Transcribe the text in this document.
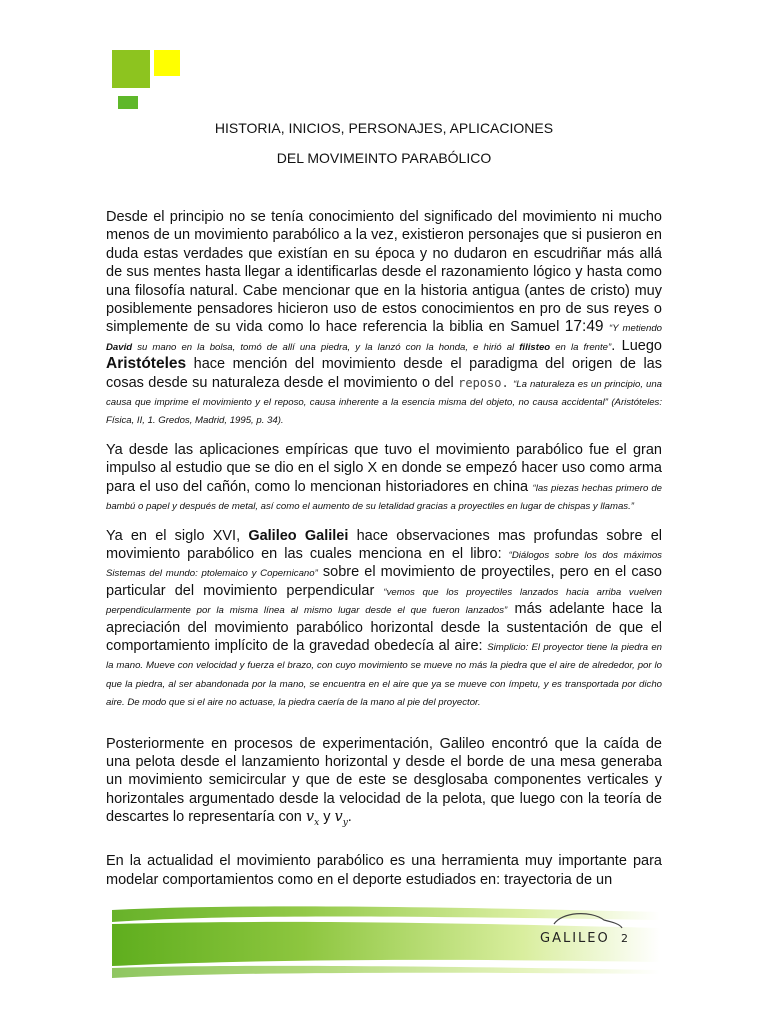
HISTORIA, INICIOS, PERSONAJES, APLICACIONES
DEL MOVIMEINTO PARABÓLICO

Desde el principio no se tenía conocimiento del significado del movimiento ni mucho menos de un movimiento parabólico a la vez, existieron personajes que si pusieron en duda estas verdades que existían en su época y no dudaron en escudriñar más allá de sus mentes hasta llegar a identificarlas desde el razonamiento lógico y hasta como una filosofía natural. Cabe mencionar que en la historia antigua (antes de cristo) muy posiblemente pensadores hicieron uso de estos conocimientos en pro de sus reyes o simplemente de su vida como lo hace referencia la biblia en Samuel 17:49 “Y metiendo David su mano en la bolsa, tomó de allí una piedra, y la lanzó con la honda, e hirió al filisteo en la frente”. Luego Aristóteles hace mención del movimiento desde el paradigma del origen de las cosas desde su naturaleza desde el movimiento o del reposo. “La naturaleza es un principio, una causa que imprime el movimiento y el reposo, causa inherente a la esencia misma del objeto, no causa accidental” (Aristóteles: Física, II, 1. Gredos, Madrid, 1995, p. 34).

Ya desde las aplicaciones empíricas que tuvo el movimiento parabólico fue el gran impulso al estudio que se dio en el siglo X en donde se empezó hacer uso como arma para el uso del cañón, como lo mencionan historiadores en china “las piezas hechas primero de bambú o papel y después de metal, así como el aumento de su letalidad gracias a proyectiles en lugar de chispas y llamas.”

Ya en el siglo XVI, Galileo Galilei hace observaciones mas profundas sobre el movimiento parabólico en las cuales menciona en el libro: “Diálogos sobre los dos máximos Sistemas del mundo: ptolemaico y Copernicano” sobre el movimiento de proyectiles, pero en el caso particular del movimiento perpendicular “vemos que los proyectiles lanzados hacia arriba vuelven perpendicularmente por la misma línea al mismo lugar desde el que fueron lanzados” más adelante hace la apreciación del movimiento parabólico horizontal desde la sustentación de que el comportamiento implícito de la gravedad obedecía al aire: Simplicio: El proyector tiene la piedra en la mano. Mueve con velocidad y fuerza el brazo, con cuyo movimiento se mueve no más la piedra que el aire de alrededor, por lo que la piedra, al ser abandonada por la mano, se encuentra en el aire que ya se mueve con ímpetu, y es transportada por dicho aire. De modo que si el aire no actuase, la piedra caería de la mano al pie del proyector.

Posteriormente en procesos de experimentación, Galileo encontró que la caída de una pelota desde el lanzamiento horizontal y desde el borde de una mesa generaba un movimiento semicircular y que de este se desglosaba componentes verticales y horizontales argumentado desde la velocidad de la pelota, que luego con la teoría de descartes lo representaría con $v_x$ y $v_y$.

En la actualidad el movimiento parabólico es una herramienta muy importante para modelar comportamientos como en el deporte estudiados en: trayectoria de un

GALILEO 2
